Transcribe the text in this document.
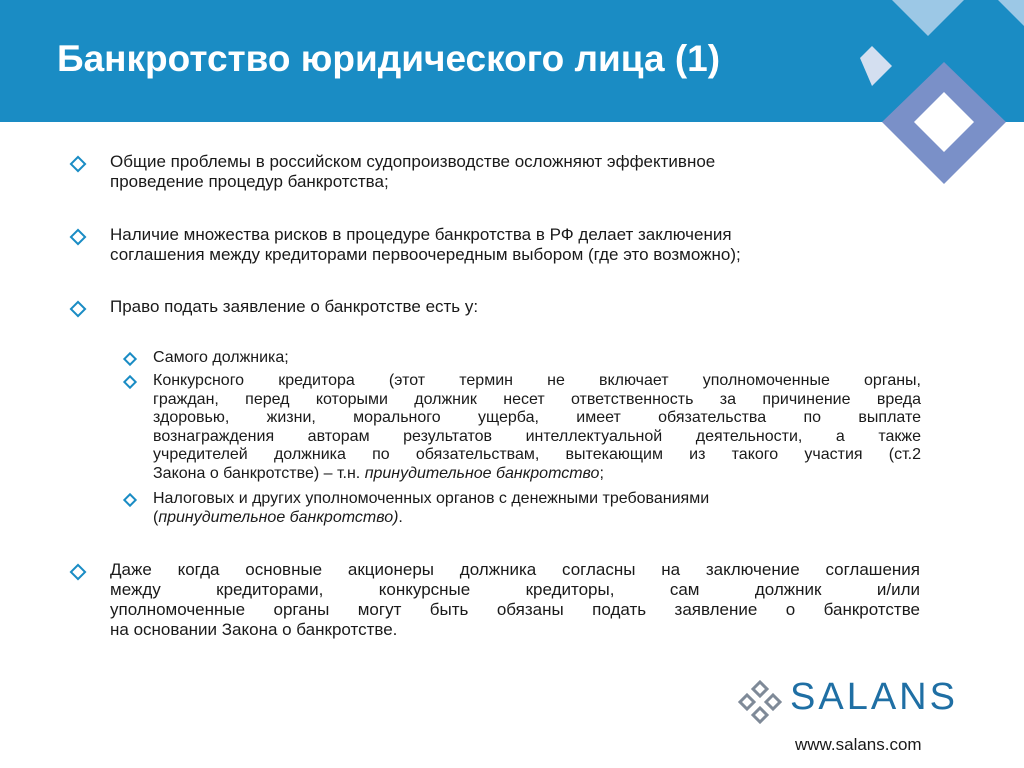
Банкротство юридического лица (1)
Общие проблемы в российском судопроизводстве осложняют эффективное
проведение процедур банкротства;
Наличие множества рисков в процедуре банкротства в РФ делает заключения
соглашения между кредиторами первоочередным выбором (где это возможно);
Право подать заявление о банкротстве есть у:
Самого должника;
Конкурсного кредитора (этот термин не включает уполномоченные органы,
граждан, перед которыми должник несет ответственность за причинение вреда
здоровью, жизни, морального ущерба, имеет обязательства по выплате
вознаграждения авторам результатов интеллектуальной деятельности, а также
учредителей должника по обязательствам, вытекающим из такого участия (ст.2
Закона о банкротстве) – т.н. принудительное банкротство;
Налоговых и других уполномоченных органов с денежными требованиями
(принудительное банкротство).
Даже когда основные акционеры должника согласны на заключение соглашения
между кредиторами, конкурсные кредиторы, сам должник и/или
уполномоченные органы могут быть обязаны подать заявление о банкротстве
на основании Закона о банкротстве.
SALANS
www.salans.com
